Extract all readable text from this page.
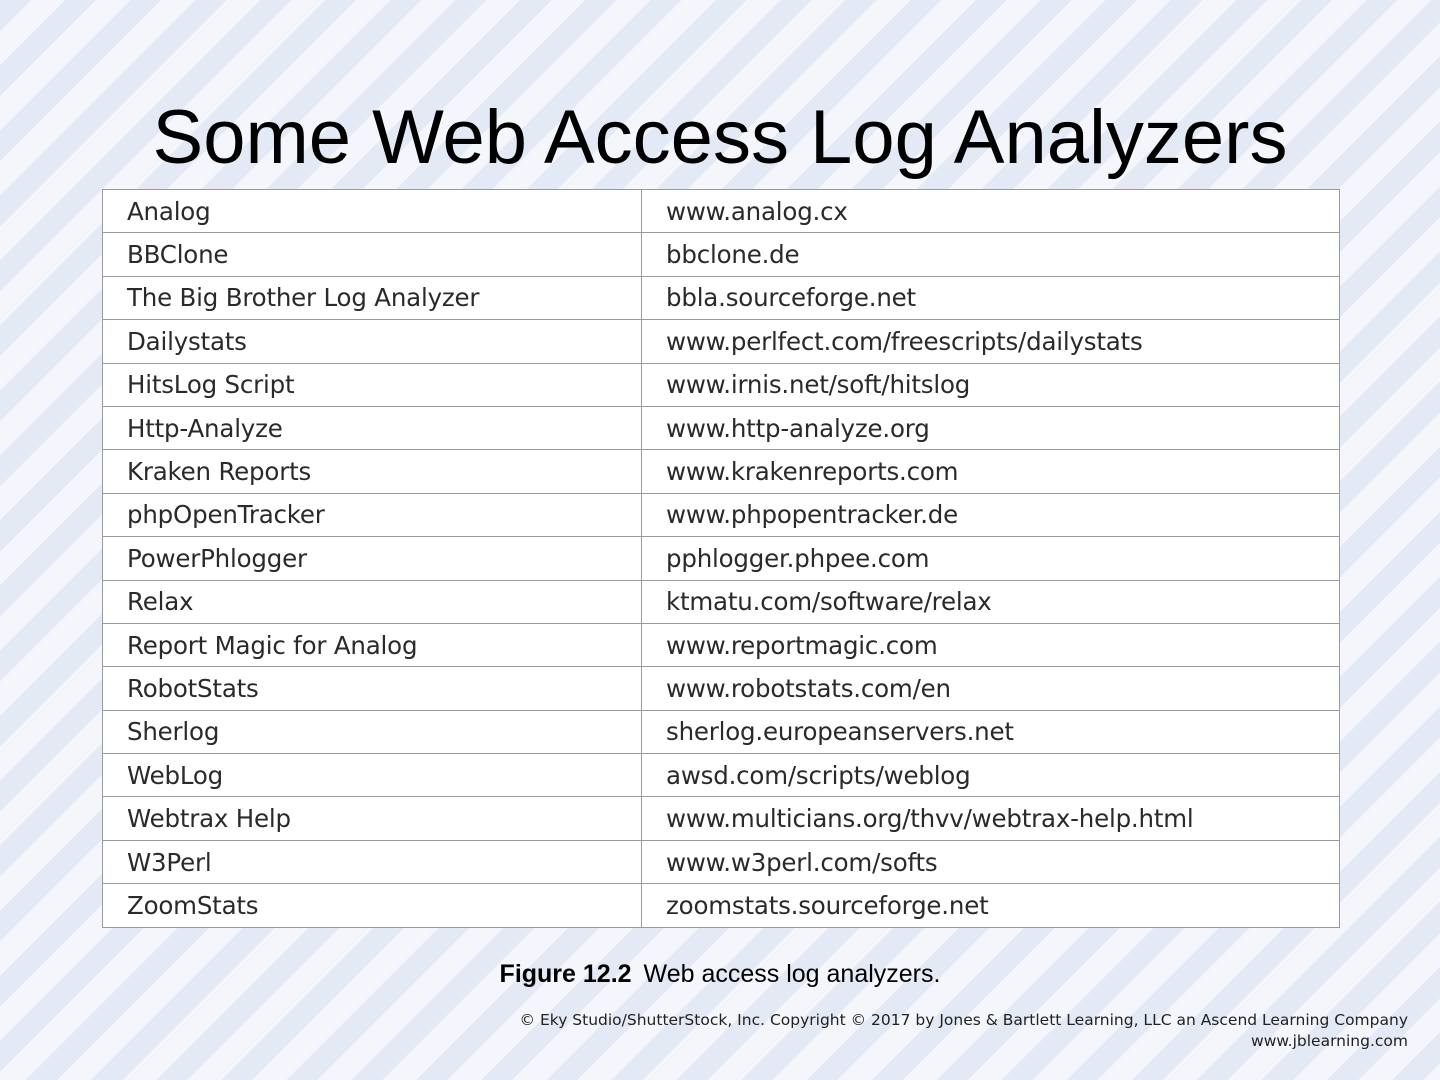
Some Web Access Log Analyzers
Analog	www.analog.cx
BBClone	bbclone.de
The Big Brother Log Analyzer	bbla.sourceforge.net
Dailystats	www.perlfect.com/freescripts/dailystats
HitsLog Script	www.irnis.net/soft/hitslog
Http-Analyze	www.http-analyze.org
Kraken Reports	www.krakenreports.com
phpOpenTracker	www.phpopentracker.de
PowerPhlogger	pphlogger.phpee.com
Relax	ktmatu.com/software/relax
Report Magic for Analog	www.reportmagic.com
RobotStats	www.robotstats.com/en
Sherlog	sherlog.europeanservers.net
WebLog	awsd.com/scripts/weblog
Webtrax Help	www.multicians.org/thvv/webtrax-help.html
W3Perl	www.w3perl.com/softs
ZoomStats	zoomstats.sourceforge.net
Figure 12.2 Web access log analyzers.
© Eky Studio/ShutterStock, Inc. Copyright © 2017 by Jones & Bartlett Learning, LLC an Ascend Learning Company
www.jblearning.com
